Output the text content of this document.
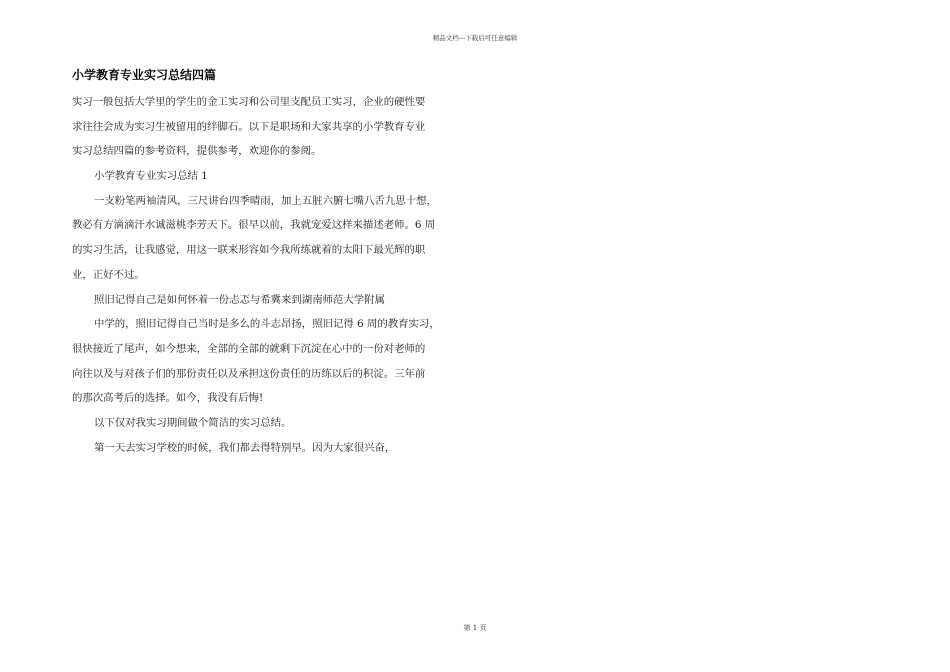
精品文档---下载后可任意编辑
小学教育专业实习总结四篇
实习一般包括大学里的学生的金工实习和公司里支配员工实习，企业的硬性要
求往往会成为实习生被留用的绊脚石。以下是职场和大家共享的小学教育专业
实习总结四篇的参考资料，提供参考，欢迎你的参阅。
小学教育专业实习总结 1
一支粉笔两袖清风，三尺讲台四季晴雨，加上五脏六腑七嘴八舌九思十想，
教必有方滴滴汗水诚滋桃李芳天下。很早以前，我就宠爱这样来描述老师。6 周
的实习生活，让我感觉，用这一联来形容如今我所练就着的太阳下最光辉的职
业，正好不过。
照旧记得自己是如何怀着一份忐忑与希冀来到湖南师范大学附属
中学的，照旧记得自己当时是多么的斗志昂扬，照旧记得 6 周的教育实习，
很快接近了尾声，如今想来，全部的全部的就剩下沉淀在心中的一份对老师的
向往以及与对孩子们的那份责任以及承担这份责任的历练以后的积淀。三年前
的那次高考后的选择。如今，我没有后悔!
以下仅对我实习期间做个简洁的实习总结。
第一天去实习学校的时候，我们都去得特别早。因为大家很兴奋，
第 1 页
